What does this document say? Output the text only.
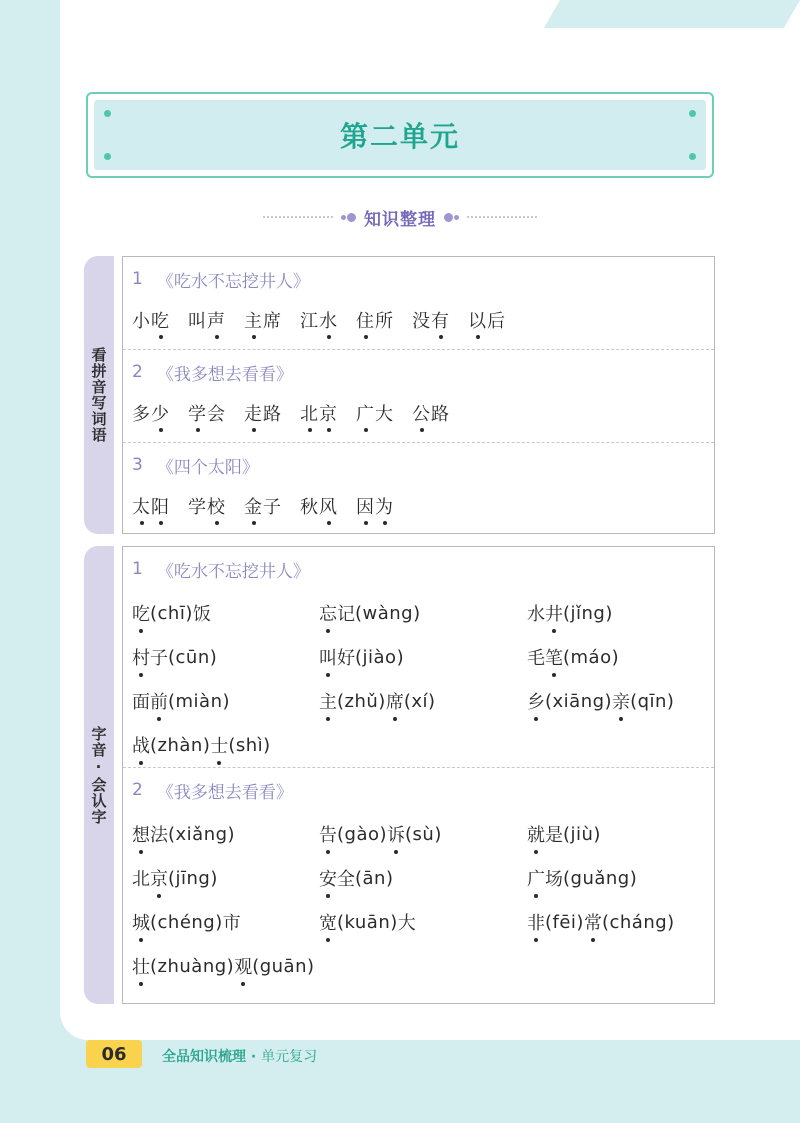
第二单元
知识整理
看拼音写词语
1 《吃水不忘挖井人》
小吃 叫声 主席 江水 住所 没有 以后
2 《我多想去看看》
多少 学会 走路 北京 广大 公路
3 《四个太阳》
太阳 学校 金子 秋风 因为
字音·会认字
1 《吃水不忘挖井人》
吃 (chī) 饭	忘 记 (wàng)	水 井 (jǐng)
村 子 (cūn)	叫 好 (jiào)	毛 笔 (máo)
面 前 (miàn)	主 (zhǔ) 席 (xí)	乡 (xiāng) 亲 (qīn)
战 (zhàn) 士 (shì)
2 《我多想去看看》
想 法 (xiǎng)	告 (gào) 诉 (sù)	就 是 (jiù)
北 京 (jīng)	安 全 (ān)	广 场 (guǎng)
城 (chéng) 市	宽 (kuān) 大	非 (fēi) 常 (cháng)
壮 (zhuàng) 观 (guān)
06	全品知识梳理 · 单元复习
